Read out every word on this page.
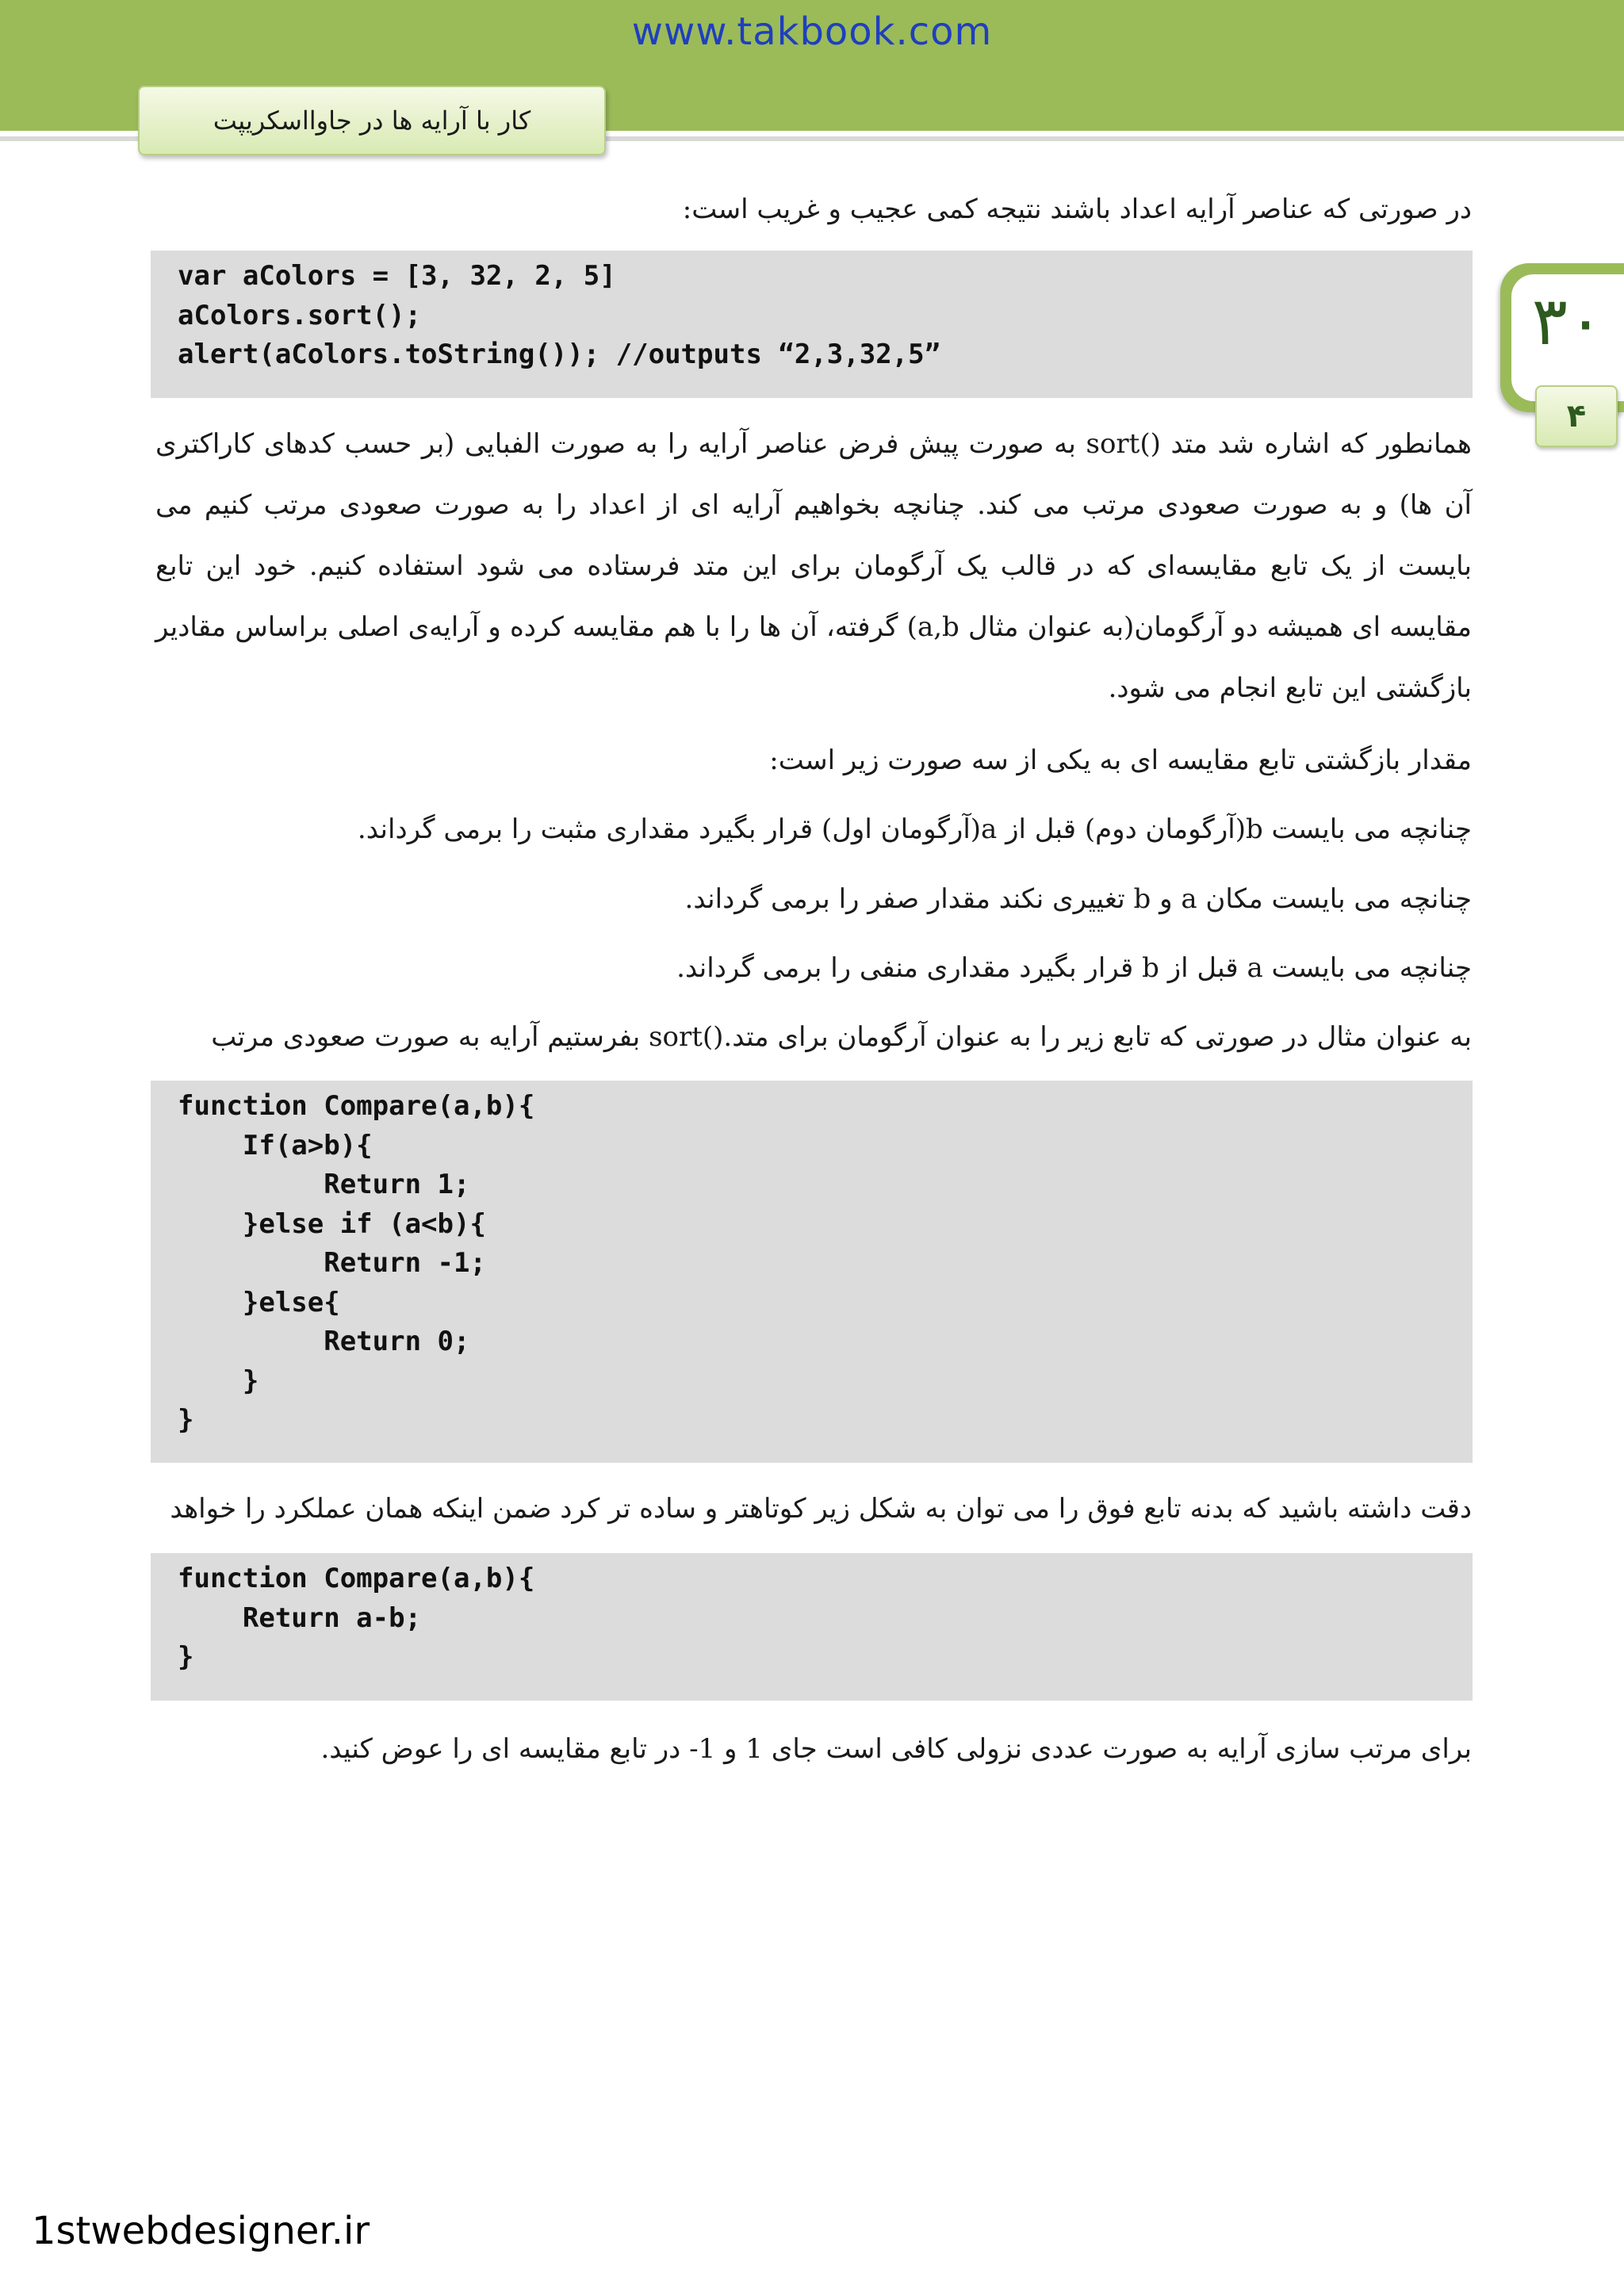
www.takbook.com
کار با آرایه ها در جاوااسکریپت
۳۰
۴

در صورتی که عناصر آرایه اعداد باشند نتیجه کمی عجیب و غریب است:

var aColors = [3, 32, 2, 5]
aColors.sort();
alert(aColors.toString()); //outputs “2,3,32,5”

همانطور که اشاره شد متد ()sort به صورت پیش فرض عناصر آرایه را به صورت الفبایی (بر حسب کدهای کاراکتری آن ها) و به صورت صعودی مرتب می کند. چنانچه بخواهیم آرایه ای از اعداد را به صورت صعودی مرتب کنیم می بایست از یک تابع مقایسه‌ای که در قالب یک آرگومان برای این متد فرستاده می شود استفاده کنیم. خود این تابع مقایسه ای همیشه دو آرگومان(به عنوان مثال a,b) گرفته، آن ها را با هم مقایسه کرده و آرایه‌ی اصلی براساس مقادیر بازگشتی این تابع انجام می شود.

مقدار بازگشتی تابع مقایسه ای به یکی از سه صورت زیر است:

چنانچه می بایست b(آرگومان دوم) قبل از a(آرگومان اول) قرار بگیرد مقداری مثبت را برمی گرداند.

چنانچه می بایست مکان a و b تغییری نکند مقدار صفر را برمی گرداند.

چنانچه می بایست a قبل از b قرار بگیرد مقداری منفی را برمی گرداند.

به عنوان مثال در صورتی که تابع زیر را به عنوان آرگومان برای متد.()sort بفرستیم آرایه به صورت صعودی مرتب

function Compare(a,b){
If(a>b){
Return 1;
}else if (a<b){
Return -1;
}else{
Return 0;
}
}

دقت داشته باشید که بدنه تابع فوق را می توان به شکل زیر کوتاهتر و ساده تر کرد ضمن اینکه همان عملکرد را خواهد

function Compare(a,b){
Return a-b;
}

برای مرتب سازی آرایه به صورت عددی نزولی کافی است جای 1 و 1- در تابع مقایسه ای را عوض کنید.

1stwebdesigner.ir
